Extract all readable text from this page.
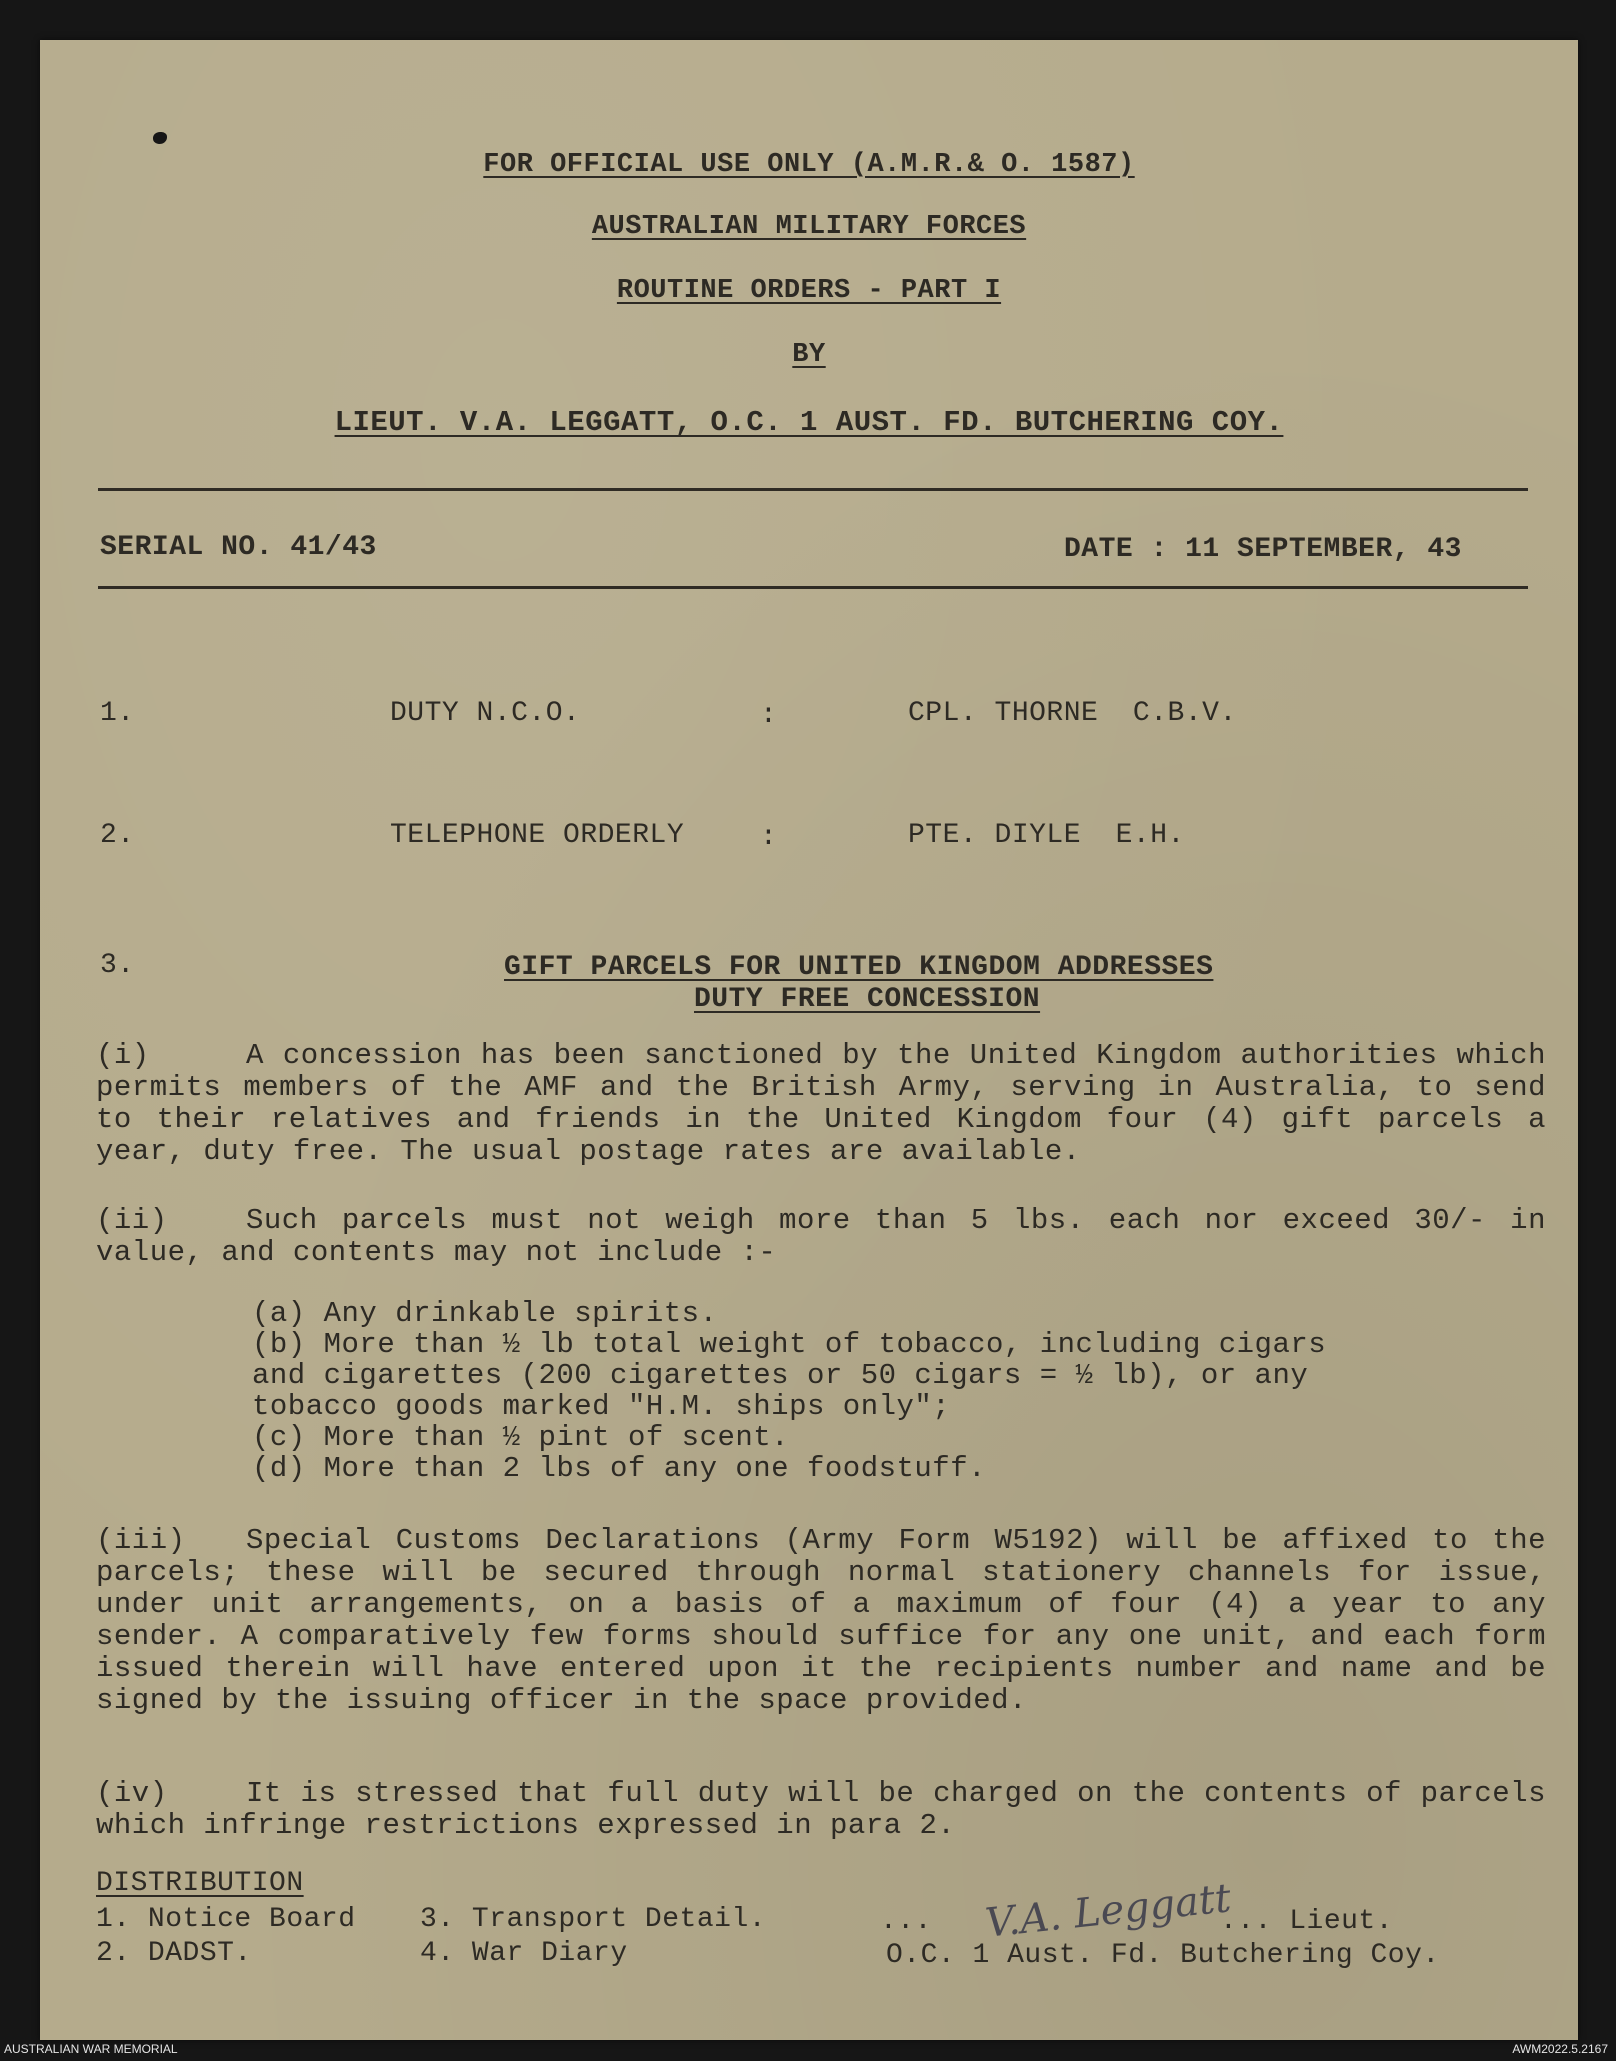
FOR OFFICIAL USE ONLY (A.M.R.& O. 1587)
AUSTRALIAN MILITARY FORCES
ROUTINE ORDERS - PART I
BY
LIEUT. V.A. LEGGATT, O.C. 1 AUST. FD. BUTCHERING COY.
SERIAL NO. 41/43	DATE : 11 SEPTEMBER, 43
1.	DUTY N.C.O.	:	CPL. THORNE  C.B.V.
2.	TELEPHONE ORDERLY	:	PTE. DIYLE  E.H.
3.	GIFT PARCELS FOR UNITED KINGDOM ADDRESSES
DUTY FREE CONCESSION
(i)	A concession has been sanctioned by the United Kingdom authorities which permits members of the AMF and the British Army, serving in Australia, to send to their relatives and friends in the United Kingdom four (4) gift parcels a year, duty free. The usual postage rates are available.
(ii)	Such parcels must not weigh more than 5 lbs. each nor exceed 30/- in value, and contents may not include :-
(a) Any drinkable spirits.
(b) More than ½ lb total weight of tobacco, including cigars
and cigarettes (200 cigarettes or 50 cigars = ½ lb), or any
tobacco goods marked "H.M. ships only";
(c) More than ½ pint of scent.
(d) More than 2 lbs of any one foodstuff.
(iii) Special Customs Declarations (Army Form W5192) will be affixed to the parcels; these will be secured through normal stationery channels for issue, under unit arrangements, on a basis of a maximum of four (4) a year to any sender. A comparatively few forms should suffice for any one unit, and each form issued therein will have entered upon it the recipients number and name and be signed by the issuing officer in the space provided.
(iv)	It is stressed that full duty will be charged on the contents of parcels which infringe restrictions expressed in para 2.
DISTRIBUTION
1. Notice Board
2. DADST.
3. Transport Detail.
4. War Diary
... V.A. Leggatt
... Lieut.
O.C. 1 Aust. Fd. Butchering Coy.
AUSTRALIAN WAR MEMORIAL	AWM2022.5.2167
